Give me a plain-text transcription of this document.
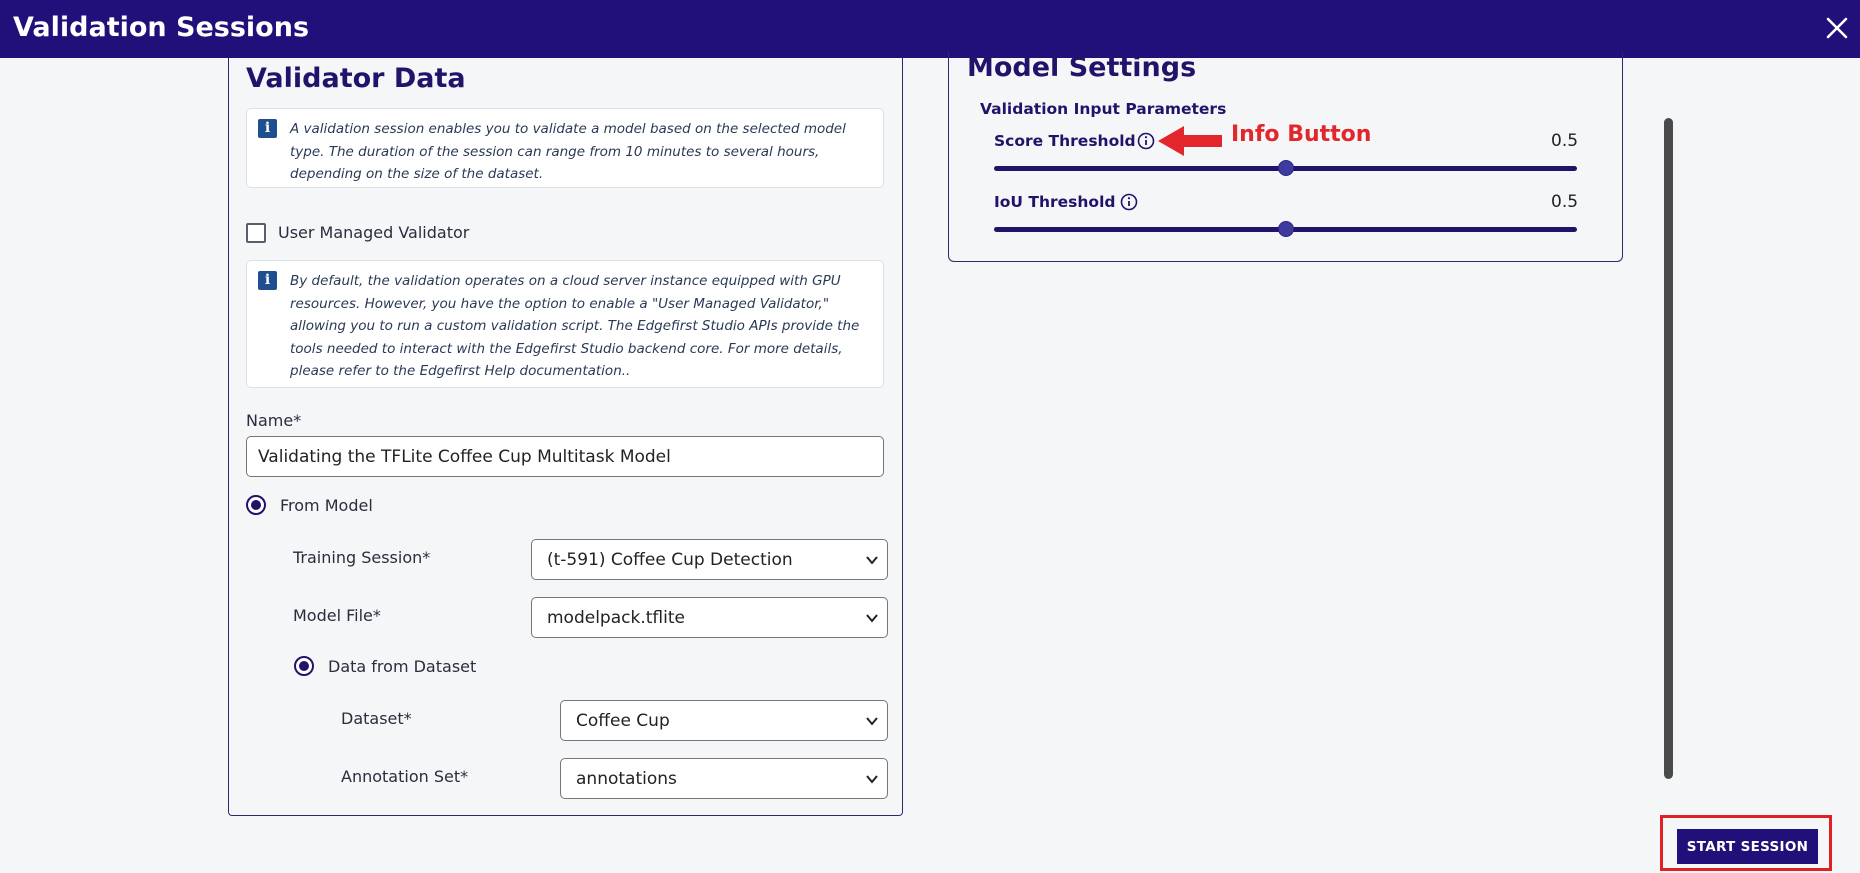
Validation Sessions
Validator Data
i	A validation session enables you to validate a model based on the selected model type. The duration of the session can range from 10 minutes to several hours, depending on the size of the dataset.
User Managed Validator
i	By default, the validation operates on a cloud server instance equipped with GPU resources. However, you have the option to enable a "User Managed Validator," allowing you to run a custom validation script. The Edgefirst Studio APIs provide the tools needed to interact with the Edgefirst Studio backend core. For more details, please refer to the Edgefirst Help documentation..
Name*
Validating the TFLite Coffee Cup Multitask Model
From Model
Training Session*	(t-591) Coffee Cup Detection
Model File*	modelpack.tflite
Data from Dataset
Dataset*	Coffee Cup
Annotation Set*	annotations
Model Settings
Validation Input Parameters
Score Threshold	0.5
IoU Threshold	0.5
Info Button
START SESSION
